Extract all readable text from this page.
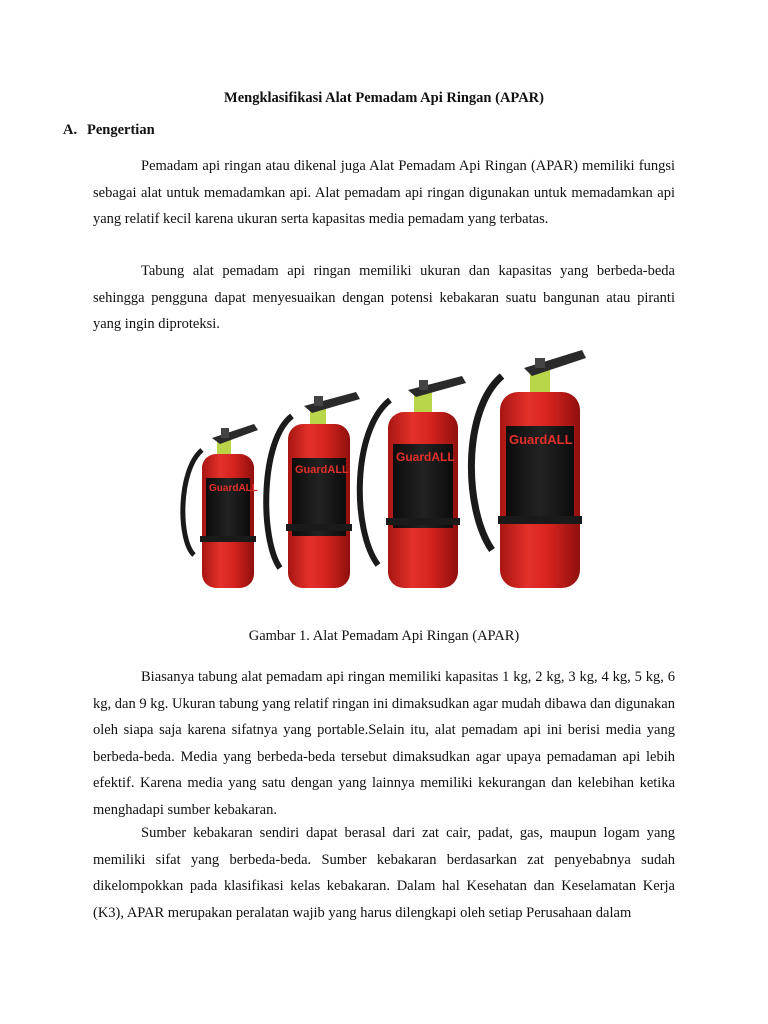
Mengklasifikasi Alat Pemadam Api Ringan (APAR)
A. Pengertian

Pemadam api ringan atau dikenal juga Alat Pemadam Api Ringan (APAR) memiliki fungsi sebagai alat untuk memadamkan api. Alat pemadam api ringan digunakan untuk memadamkan api yang relatif kecil karena ukuran serta kapasitas media pemadam yang terbatas.

Tabung alat pemadam api ringan memiliki ukuran dan kapasitas yang berbeda-beda sehingga pengguna dapat menyesuaikan dengan potensi kebakaran suatu bangunan atau piranti yang ingin diproteksi.

GuardALL
GuardALL
GuardALL
GuardALL
Gambar 1. Alat Pemadam Api Ringan (APAR)

Biasanya tabung alat pemadam api ringan memiliki kapasitas 1 kg, 2 kg, 3 kg, 4 kg, 5 kg, 6 kg, dan 9 kg. Ukuran tabung yang relatif ringan ini dimaksudkan agar mudah dibawa dan digunakan oleh siapa saja karena sifatnya yang portable.Selain itu, alat pemadam api ini berisi media yang berbeda-beda. Media yang berbeda-beda tersebut dimaksudkan agar upaya pemadaman api lebih efektif. Karena media yang satu dengan yang lainnya memiliki kekurangan dan kelebihan ketika menghadapi sumber kebakaran.

Sumber kebakaran sendiri dapat berasal dari zat cair, padat, gas, maupun logam yang memiliki sifat yang berbeda-beda. Sumber kebakaran berdasarkan zat penyebabnya sudah dikelompokkan pada klasifikasi kelas kebakaran. Dalam hal Kesehatan dan Keselamatan Kerja (K3), APAR merupakan peralatan wajib yang harus dilengkapi oleh setiap Perusahaan dalam
